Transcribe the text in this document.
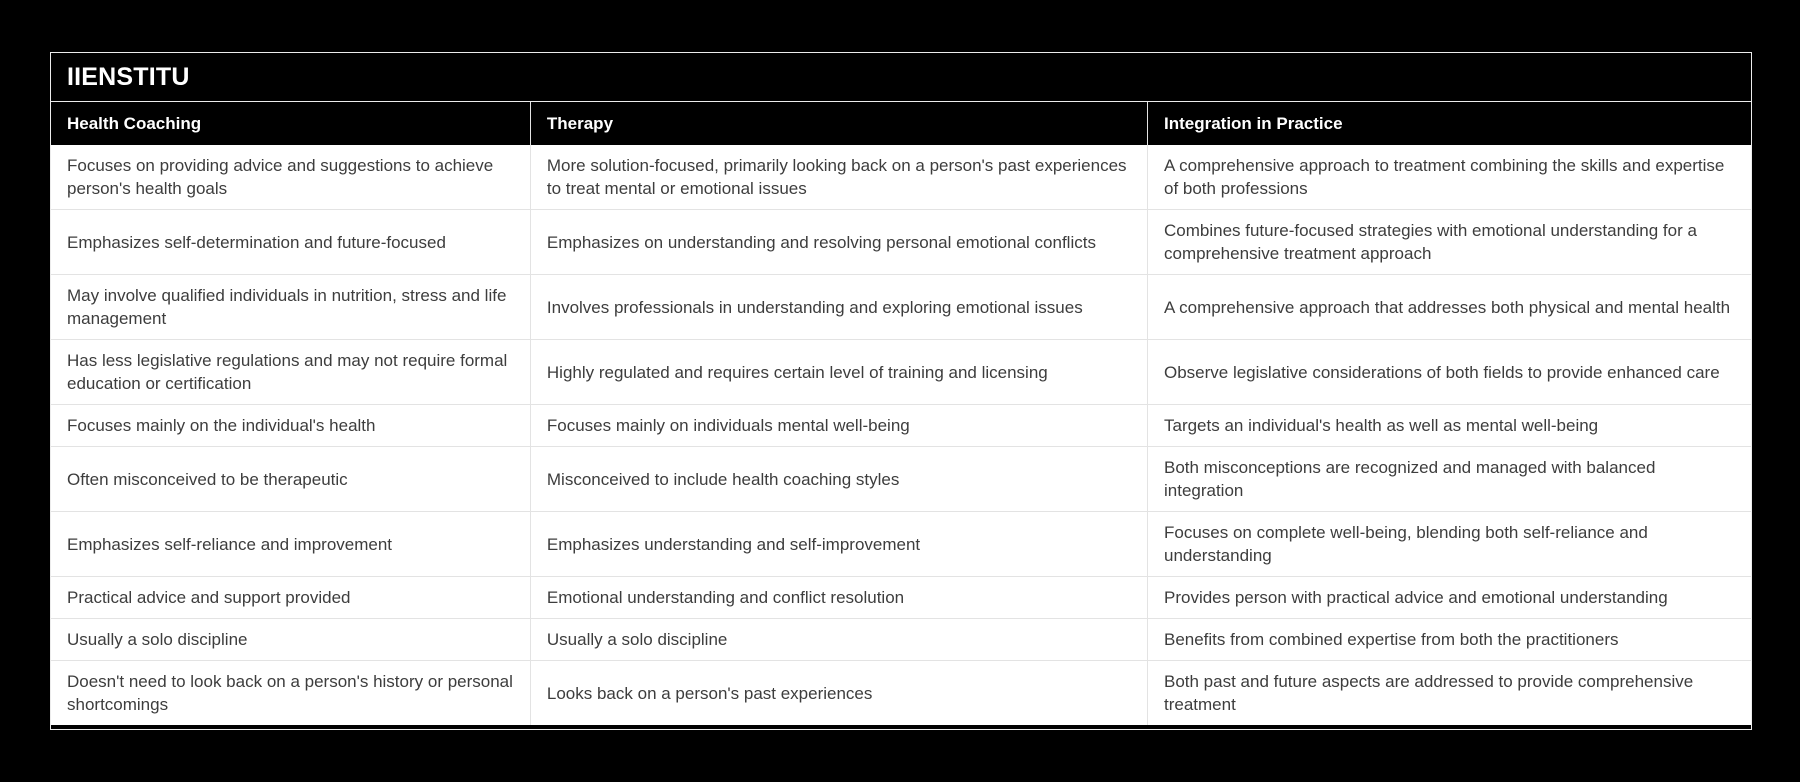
IIENSTITU
Health Coaching	Therapy	Integration in Practice
Focuses on providing advice and suggestions to achieve person's health goals	More solution-focused, primarily looking back on a person's past experiences to treat mental or emotional issues	A comprehensive approach to treatment combining the skills and expertise of both professions
Emphasizes self-determination and future-focused	Emphasizes on understanding and resolving personal emotional conflicts	Combines future-focused strategies with emotional understanding for a comprehensive treatment approach
May involve qualified individuals in nutrition, stress and life management	Involves professionals in understanding and exploring emotional issues	A comprehensive approach that addresses both physical and mental health
Has less legislative regulations and may not require formal education or certification	Highly regulated and requires certain level of training and licensing	Observe legislative considerations of both fields to provide enhanced care
Focuses mainly on the individual's health	Focuses mainly on individuals mental well-being	Targets an individual's health as well as mental well-being
Often misconceived to be therapeutic	Misconceived to include health coaching styles	Both misconceptions are recognized and managed with balanced integration
Emphasizes self-reliance and improvement	Emphasizes understanding and self-improvement	Focuses on complete well-being, blending both self-reliance and understanding
Practical advice and support provided	Emotional understanding and conflict resolution	Provides person with practical advice and emotional understanding
Usually a solo discipline	Usually a solo discipline	Benefits from combined expertise from both the practitioners
Doesn't need to look back on a person's history or personal shortcomings	Looks back on a person's past experiences	Both past and future aspects are addressed to provide comprehensive treatment
